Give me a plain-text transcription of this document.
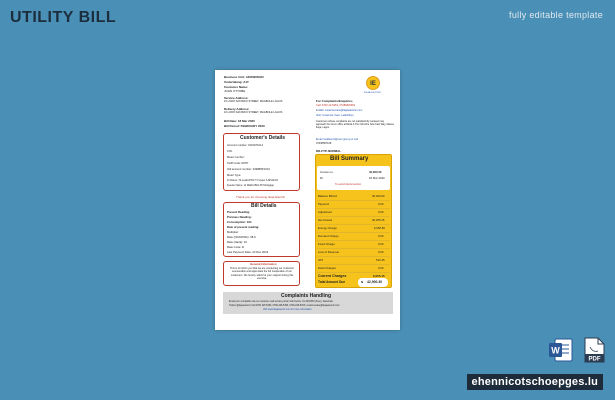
UTILITY BILL	fully editable template
Business Unit: AKOWONJO
Undertaking: A1T
Customer Name:
JOHN OTTOBE
Service Address:
10 LORO SAKISIKO STREET, MAGBOLE LAGOS
Delivery Address:
10 LORO SAKISIKO STREET, MAGBOLE LAGOS
Bill Date: 18 Mar 2020
Bill Period: FEBRUARY 2020
IE
IKEJA ELECTRIC
For Complaints/Enquiries
Call: 0700 22-5453, 07086820961
E-Mail: customercare@ikejaelectric.com
Visit: Customer Care, Lekki/Ikoyi
Customers whose complaints are not satisfactorily resolved may approach the forum office at Block A The Ochoche Sole Fast Way, Alausa Ikeja, Lagos.
Email: lekkiforum@nerc.gov.ng or call
07038587108
DR-FTP-NORMAL
Customer's Details
Account number: 0101971014
CIN:
Meter number:
Tariff Code: R2TP
Old account number: 0198805/1001
Meter Type:
11 Name: 70-Lekki/A7M/ 71 Upper A MS11/18
Feeder Name: 11 Mafirix/B/A-35 Mortgage
Thank you for choosing Ikeja Electric
Bill Details
Present Reading:
Previous Reading:
Consumption: 194
Date of present reading:
Multiplier:
Rate (NGN/KWh): 38.9
Rate (Naira): 10
Rate Code: R
Last Payment Date: 22 Dec 2019
General Information
This is to inform you that we are conducting our Customer enumeration and appreciate the full cooperation of our customers. We hereby solicit for your support during this exercise.
Bill Summary
Invoice no.	42,900.30
Dt	18 Mar 2020
To avoid disconnection
Balance B/Fwd	36,200.00
Payment	0.00
Adjustment	0.00
Net Arrears	36,365.25
Energy Charge	6,050.80
Demand Charge	0.00
Fixed Charge	0.00
Loss of Revenue	0.00
VAT	510.35
Debit Charges	0.00
Current Charges	6,555.15
Total Amount Due	N 42,900.30
Complaints Handling
Email your complaints via our customer mail service portal: Call Centre: 01-3443333 (Free), Facebook:
Twitter @ikejaelectric Call 0700 225 5453, 0705-225-5453, 0700-225-5453; customercare@ikejaelectric.com
Visit www.ikejaelectric.com for more information
W
PDF
ehennicotschoepges.lu
